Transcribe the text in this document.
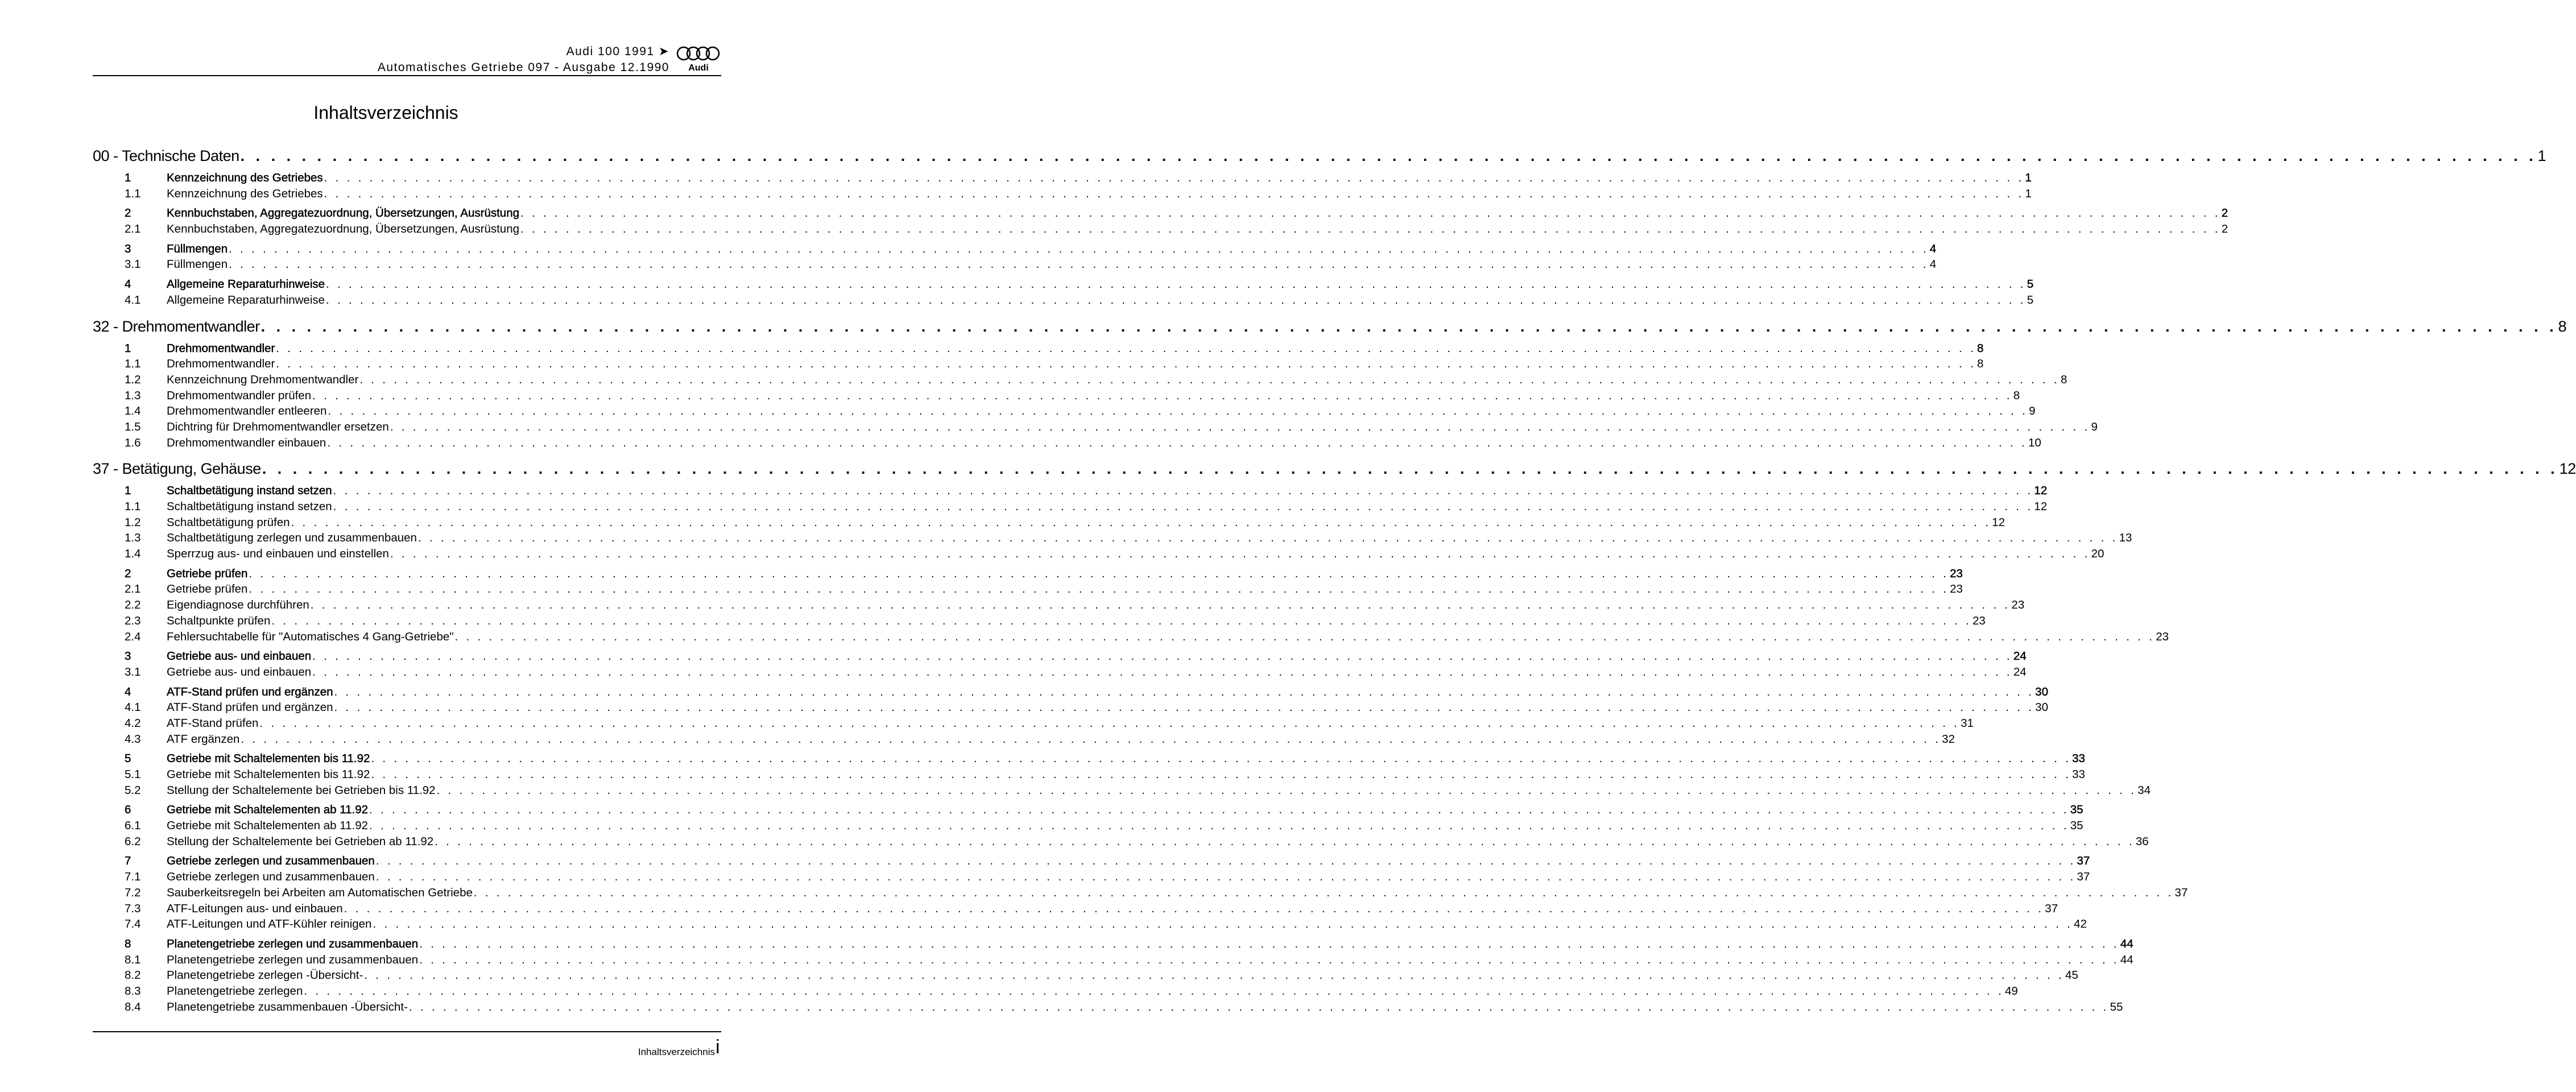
Audi 100 1991 ➤
Automatisches Getriebe 097 - Ausgabe 12.1990 Audi
Inhaltsverzeichnis
00 - Technische Daten . . . . . . . . . . . . . . . . . . . . . . . . . . . . . . . . . . . . . . . . . . . . . . . . . . . . . . . . . . . . . . . . . . . . . . . . . . . . . . . . . . . . . . . . . . . . . . . . . . . . . . . . . . . . . . . . . . . . . . . . . . . . . . . . . . . . . . . . . . . . . . . . . . . . . . 1
1	Kennzeichnung des Getriebes . . . . . . . . . . . . . . . . . . . . . . . . . . . . . . . . . . . . . . . . . . . . . . . . . . . . . . . . . . . . . . . . . . . . . . . . . . . . . . . . . . . . . . . . . . . . . . . . . . . . . . . . . . . . . . . . . . . . . . . . . . . . . . . . . . . . . . . . . . . . . . . . . . . . . . 1
1.1	Kennzeichnung des Getriebes . . . . . . . . . . . . . . . . . . . . . . . . . . . . . . . . . . . . . . . . . . . . . . . . . . . . . . . . . . . . . . . . . . . . . . . . . . . . . . . . . . . . . . . . . . . . . . . . . . . . . . . . . . . . . . . . . . . . . . . . . . . . . . . . . . . . . . . . . . . . . . . . . . . . . . 1
2	Kennbuchstaben, Aggregatezuordnung, Übersetzungen, Ausrüstung . . . . . . . . . . . . . . . . . . . . . . . . . . . . . . . . . . . . . . . . . . . . . . . . . . . . . . . . . . . . . . . . . . . . . . . . . . . . . . . . . . . . . . . . . . . . . . . . . . . . . . . . . . . . . . . . . . . . . . . . . . . . . . . . . . . . . . . . . . . . . . . . . . . . . . 2
2.1	Kennbuchstaben, Aggregatezuordnung, Übersetzungen, Ausrüstung . . . . . . . . . . . . . . . . . . . . . . . . . . . . . . . . . . . . . . . . . . . . . . . . . . . . . . . . . . . . . . . . . . . . . . . . . . . . . . . . . . . . . . . . . . . . . . . . . . . . . . . . . . . . . . . . . . . . . . . . . . . . . . . . . . . . . . . . . . . . . . . . . . . . . . 2
3	Füllmengen . . . . . . . . . . . . . . . . . . . . . . . . . . . . . . . . . . . . . . . . . . . . . . . . . . . . . . . . . . . . . . . . . . . . . . . . . . . . . . . . . . . . . . . . . . . . . . . . . . . . . . . . . . . . . . . . . . . . . . . . . . . . . . . . . . . . . . . . . . . . . . . . . . . . . . 4
3.1	Füllmengen . . . . . . . . . . . . . . . . . . . . . . . . . . . . . . . . . . . . . . . . . . . . . . . . . . . . . . . . . . . . . . . . . . . . . . . . . . . . . . . . . . . . . . . . . . . . . . . . . . . . . . . . . . . . . . . . . . . . . . . . . . . . . . . . . . . . . . . . . . . . . . . . . . . . . . 4
4	Allgemeine Reparaturhinweise . . . . . . . . . . . . . . . . . . . . . . . . . . . . . . . . . . . . . . . . . . . . . . . . . . . . . . . . . . . . . . . . . . . . . . . . . . . . . . . . . . . . . . . . . . . . . . . . . . . . . . . . . . . . . . . . . . . . . . . . . . . . . . . . . . . . . . . . . . . . . . . . . . . . . . 5
4.1	Allgemeine Reparaturhinweise . . . . . . . . . . . . . . . . . . . . . . . . . . . . . . . . . . . . . . . . . . . . . . . . . . . . . . . . . . . . . . . . . . . . . . . . . . . . . . . . . . . . . . . . . . . . . . . . . . . . . . . . . . . . . . . . . . . . . . . . . . . . . . . . . . . . . . . . . . . . . . . . . . . . . . 5
32 - Drehmomentwandler . . . . . . . . . . . . . . . . . . . . . . . . . . . . . . . . . . . . . . . . . . . . . . . . . . . . . . . . . . . . . . . . . . . . . . . . . . . . . . . . . . . . . . . . . . . . . . . . . . . . . . . . . . . . . . . . . . . . . . . . . . . . . . . . . . . . . . . . . . . . . . . . . . . . . . 8
1	Drehmomentwandler . . . . . . . . . . . . . . . . . . . . . . . . . . . . . . . . . . . . . . . . . . . . . . . . . . . . . . . . . . . . . . . . . . . . . . . . . . . . . . . . . . . . . . . . . . . . . . . . . . . . . . . . . . . . . . . . . . . . . . . . . . . . . . . . . . . . . . . . . . . . . . . . . . . . . . 8
1.1	Drehmomentwandler . . . . . . . . . . . . . . . . . . . . . . . . . . . . . . . . . . . . . . . . . . . . . . . . . . . . . . . . . . . . . . . . . . . . . . . . . . . . . . . . . . . . . . . . . . . . . . . . . . . . . . . . . . . . . . . . . . . . . . . . . . . . . . . . . . . . . . . . . . . . . . . . . . . . . . 8
1.2	Kennzeichnung Drehmomentwandler . . . . . . . . . . . . . . . . . . . . . . . . . . . . . . . . . . . . . . . . . . . . . . . . . . . . . . . . . . . . . . . . . . . . . . . . . . . . . . . . . . . . . . . . . . . . . . . . . . . . . . . . . . . . . . . . . . . . . . . . . . . . . . . . . . . . . . . . . . . . . . . . . . . . . . 8
1.3	Drehmomentwandler prüfen . . . . . . . . . . . . . . . . . . . . . . . . . . . . . . . . . . . . . . . . . . . . . . . . . . . . . . . . . . . . . . . . . . . . . . . . . . . . . . . . . . . . . . . . . . . . . . . . . . . . . . . . . . . . . . . . . . . . . . . . . . . . . . . . . . . . . . . . . . . . . . . . . . . . . . 8
1.4	Drehmomentwandler entleeren . . . . . . . . . . . . . . . . . . . . . . . . . . . . . . . . . . . . . . . . . . . . . . . . . . . . . . . . . . . . . . . . . . . . . . . . . . . . . . . . . . . . . . . . . . . . . . . . . . . . . . . . . . . . . . . . . . . . . . . . . . . . . . . . . . . . . . . . . . . . . . . . . . . . . . 9
1.5	Dichtring für Drehmomentwandler ersetzen . . . . . . . . . . . . . . . . . . . . . . . . . . . . . . . . . . . . . . . . . . . . . . . . . . . . . . . . . . . . . . . . . . . . . . . . . . . . . . . . . . . . . . . . . . . . . . . . . . . . . . . . . . . . . . . . . . . . . . . . . . . . . . . . . . . . . . . . . . . . . . . . . . . . . . 9
1.6	Drehmomentwandler einbauen . . . . . . . . . . . . . . . . . . . . . . . . . . . . . . . . . . . . . . . . . . . . . . . . . . . . . . . . . . . . . . . . . . . . . . . . . . . . . . . . . . . . . . . . . . . . . . . . . . . . . . . . . . . . . . . . . . . . . . . . . . . . . . . . . . . . . . . . . . . . . . . . . . . . . . 10
37 - Betätigung, Gehäuse . . . . . . . . . . . . . . . . . . . . . . . . . . . . . . . . . . . . . . . . . . . . . . . . . . . . . . . . . . . . . . . . . . . . . . . . . . . . . . . . . . . . . . . . . . . . . . . . . . . . . . . . . . . . . . . . . . . . . . . . . . . . . . . . . . . . . . . . . . . . . . . . . . . . . . 12
1	Schaltbetätigung instand setzen . . . . . . . . . . . . . . . . . . . . . . . . . . . . . . . . . . . . . . . . . . . . . . . . . . . . . . . . . . . . . . . . . . . . . . . . . . . . . . . . . . . . . . . . . . . . . . . . . . . . . . . . . . . . . . . . . . . . . . . . . . . . . . . . . . . . . . . . . . . . . . . . . . . . . . 12
1.1	Schaltbetätigung instand setzen . . . . . . . . . . . . . . . . . . . . . . . . . . . . . . . . . . . . . . . . . . . . . . . . . . . . . . . . . . . . . . . . . . . . . . . . . . . . . . . . . . . . . . . . . . . . . . . . . . . . . . . . . . . . . . . . . . . . . . . . . . . . . . . . . . . . . . . . . . . . . . . . . . . . . . 12
1.2	Schaltbetätigung prüfen . . . . . . . . . . . . . . . . . . . . . . . . . . . . . . . . . . . . . . . . . . . . . . . . . . . . . . . . . . . . . . . . . . . . . . . . . . . . . . . . . . . . . . . . . . . . . . . . . . . . . . . . . . . . . . . . . . . . . . . . . . . . . . . . . . . . . . . . . . . . . . . . . . . . . . 12
1.3	Schaltbetätigung zerlegen und zusammenbauen . . . . . . . . . . . . . . . . . . . . . . . . . . . . . . . . . . . . . . . . . . . . . . . . . . . . . . . . . . . . . . . . . . . . . . . . . . . . . . . . . . . . . . . . . . . . . . . . . . . . . . . . . . . . . . . . . . . . . . . . . . . . . . . . . . . . . . . . . . . . . . . . . . . . . . 13
1.4	Sperrzug aus- und einbauen und einstellen . . . . . . . . . . . . . . . . . . . . . . . . . . . . . . . . . . . . . . . . . . . . . . . . . . . . . . . . . . . . . . . . . . . . . . . . . . . . . . . . . . . . . . . . . . . . . . . . . . . . . . . . . . . . . . . . . . . . . . . . . . . . . . . . . . . . . . . . . . . . . . . . . . . . . . 20
2	Getriebe prüfen . . . . . . . . . . . . . . . . . . . . . . . . . . . . . . . . . . . . . . . . . . . . . . . . . . . . . . . . . . . . . . . . . . . . . . . . . . . . . . . . . . . . . . . . . . . . . . . . . . . . . . . . . . . . . . . . . . . . . . . . . . . . . . . . . . . . . . . . . . . . . . . . . . . . . . 23
2.1	Getriebe prüfen . . . . . . . . . . . . . . . . . . . . . . . . . . . . . . . . . . . . . . . . . . . . . . . . . . . . . . . . . . . . . . . . . . . . . . . . . . . . . . . . . . . . . . . . . . . . . . . . . . . . . . . . . . . . . . . . . . . . . . . . . . . . . . . . . . . . . . . . . . . . . . . . . . . . . . 23
2.2	Eigendiagnose durchführen . . . . . . . . . . . . . . . . . . . . . . . . . . . . . . . . . . . . . . . . . . . . . . . . . . . . . . . . . . . . . . . . . . . . . . . . . . . . . . . . . . . . . . . . . . . . . . . . . . . . . . . . . . . . . . . . . . . . . . . . . . . . . . . . . . . . . . . . . . . . . . . . . . . . . . 23
2.3	Schaltpunkte prüfen . . . . . . . . . . . . . . . . . . . . . . . . . . . . . . . . . . . . . . . . . . . . . . . . . . . . . . . . . . . . . . . . . . . . . . . . . . . . . . . . . . . . . . . . . . . . . . . . . . . . . . . . . . . . . . . . . . . . . . . . . . . . . . . . . . . . . . . . . . . . . . . . . . . . . . 23
2.4	Fehlersuchtabelle für "Automatisches 4 Gang-Getriebe" . . . . . . . . . . . . . . . . . . . . . . . . . . . . . . . . . . . . . . . . . . . . . . . . . . . . . . . . . . . . . . . . . . . . . . . . . . . . . . . . . . . . . . . . . . . . . . . . . . . . . . . . . . . . . . . . . . . . . . . . . . . . . . . . . . . . . . . . . . . . . . . . . . . . . . 23
3	Getriebe aus- und einbauen . . . . . . . . . . . . . . . . . . . . . . . . . . . . . . . . . . . . . . . . . . . . . . . . . . . . . . . . . . . . . . . . . . . . . . . . . . . . . . . . . . . . . . . . . . . . . . . . . . . . . . . . . . . . . . . . . . . . . . . . . . . . . . . . . . . . . . . . . . . . . . . . . . . . . . 24
3.1	Getriebe aus- und einbauen . . . . . . . . . . . . . . . . . . . . . . . . . . . . . . . . . . . . . . . . . . . . . . . . . . . . . . . . . . . . . . . . . . . . . . . . . . . . . . . . . . . . . . . . . . . . . . . . . . . . . . . . . . . . . . . . . . . . . . . . . . . . . . . . . . . . . . . . . . . . . . . . . . . . . . 24
4	ATF-Stand prüfen und ergänzen . . . . . . . . . . . . . . . . . . . . . . . . . . . . . . . . . . . . . . . . . . . . . . . . . . . . . . . . . . . . . . . . . . . . . . . . . . . . . . . . . . . . . . . . . . . . . . . . . . . . . . . . . . . . . . . . . . . . . . . . . . . . . . . . . . . . . . . . . . . . . . . . . . . . . . 30
4.1	ATF-Stand prüfen und ergänzen . . . . . . . . . . . . . . . . . . . . . . . . . . . . . . . . . . . . . . . . . . . . . . . . . . . . . . . . . . . . . . . . . . . . . . . . . . . . . . . . . . . . . . . . . . . . . . . . . . . . . . . . . . . . . . . . . . . . . . . . . . . . . . . . . . . . . . . . . . . . . . . . . . . . . . 30
4.2	ATF-Stand prüfen . . . . . . . . . . . . . . . . . . . . . . . . . . . . . . . . . . . . . . . . . . . . . . . . . . . . . . . . . . . . . . . . . . . . . . . . . . . . . . . . . . . . . . . . . . . . . . . . . . . . . . . . . . . . . . . . . . . . . . . . . . . . . . . . . . . . . . . . . . . . . . . . . . . . . . 31
4.3	ATF ergänzen . . . . . . . . . . . . . . . . . . . . . . . . . . . . . . . . . . . . . . . . . . . . . . . . . . . . . . . . . . . . . . . . . . . . . . . . . . . . . . . . . . . . . . . . . . . . . . . . . . . . . . . . . . . . . . . . . . . . . . . . . . . . . . . . . . . . . . . . . . . . . . . . . . . . . . 32
5	Getriebe mit Schaltelementen bis 11.92 . . . . . . . . . . . . . . . . . . . . . . . . . . . . . . . . . . . . . . . . . . . . . . . . . . . . . . . . . . . . . . . . . . . . . . . . . . . . . . . . . . . . . . . . . . . . . . . . . . . . . . . . . . . . . . . . . . . . . . . . . . . . . . . . . . . . . . . . . . . . . . . . . . . . . . 33
5.1	Getriebe mit Schaltelementen bis 11.92 . . . . . . . . . . . . . . . . . . . . . . . . . . . . . . . . . . . . . . . . . . . . . . . . . . . . . . . . . . . . . . . . . . . . . . . . . . . . . . . . . . . . . . . . . . . . . . . . . . . . . . . . . . . . . . . . . . . . . . . . . . . . . . . . . . . . . . . . . . . . . . . . . . . . . . 33
5.2	Stellung der Schaltelemente bei Getrieben bis 11.92 . . . . . . . . . . . . . . . . . . . . . . . . . . . . . . . . . . . . . . . . . . . . . . . . . . . . . . . . . . . . . . . . . . . . . . . . . . . . . . . . . . . . . . . . . . . . . . . . . . . . . . . . . . . . . . . . . . . . . . . . . . . . . . . . . . . . . . . . . . . . . . . . . . . . . . 34
6	Getriebe mit Schaltelementen ab 11.92 . . . . . . . . . . . . . . . . . . . . . . . . . . . . . . . . . . . . . . . . . . . . . . . . . . . . . . . . . . . . . . . . . . . . . . . . . . . . . . . . . . . . . . . . . . . . . . . . . . . . . . . . . . . . . . . . . . . . . . . . . . . . . . . . . . . . . . . . . . . . . . . . . . . . . . 35
6.1	Getriebe mit Schaltelementen ab 11.92 . . . . . . . . . . . . . . . . . . . . . . . . . . . . . . . . . . . . . . . . . . . . . . . . . . . . . . . . . . . . . . . . . . . . . . . . . . . . . . . . . . . . . . . . . . . . . . . . . . . . . . . . . . . . . . . . . . . . . . . . . . . . . . . . . . . . . . . . . . . . . . . . . . . . . . 35
6.2	Stellung der Schaltelemente bei Getrieben ab 11.92 . . . . . . . . . . . . . . . . . . . . . . . . . . . . . . . . . . . . . . . . . . . . . . . . . . . . . . . . . . . . . . . . . . . . . . . . . . . . . . . . . . . . . . . . . . . . . . . . . . . . . . . . . . . . . . . . . . . . . . . . . . . . . . . . . . . . . . . . . . . . . . . . . . . . . . 36
7	Getriebe zerlegen und zusammenbauen . . . . . . . . . . . . . . . . . . . . . . . . . . . . . . . . . . . . . . . . . . . . . . . . . . . . . . . . . . . . . . . . . . . . . . . . . . . . . . . . . . . . . . . . . . . . . . . . . . . . . . . . . . . . . . . . . . . . . . . . . . . . . . . . . . . . . . . . . . . . . . . . . . . . . . 37
7.1	Getriebe zerlegen und zusammenbauen . . . . . . . . . . . . . . . . . . . . . . . . . . . . . . . . . . . . . . . . . . . . . . . . . . . . . . . . . . . . . . . . . . . . . . . . . . . . . . . . . . . . . . . . . . . . . . . . . . . . . . . . . . . . . . . . . . . . . . . . . . . . . . . . . . . . . . . . . . . . . . . . . . . . . . 37
7.2	Sauberkeitsregeln bei Arbeiten am Automatischen Getriebe . . . . . . . . . . . . . . . . . . . . . . . . . . . . . . . . . . . . . . . . . . . . . . . . . . . . . . . . . . . . . . . . . . . . . . . . . . . . . . . . . . . . . . . . . . . . . . . . . . . . . . . . . . . . . . . . . . . . . . . . . . . . . . . . . . . . . . . . . . . . . . . . . . . . . . 37
7.3	ATF-Leitungen aus- und einbauen . . . . . . . . . . . . . . . . . . . . . . . . . . . . . . . . . . . . . . . . . . . . . . . . . . . . . . . . . . . . . . . . . . . . . . . . . . . . . . . . . . . . . . . . . . . . . . . . . . . . . . . . . . . . . . . . . . . . . . . . . . . . . . . . . . . . . . . . . . . . . . . . . . . . . . 37
7.4	ATF-Leitungen und ATF-Kühler reinigen . . . . . . . . . . . . . . . . . . . . . . . . . . . . . . . . . . . . . . . . . . . . . . . . . . . . . . . . . . . . . . . . . . . . . . . . . . . . . . . . . . . . . . . . . . . . . . . . . . . . . . . . . . . . . . . . . . . . . . . . . . . . . . . . . . . . . . . . . . . . . . . . . . . . . . 42
8	Planetengetriebe zerlegen und zusammenbauen . . . . . . . . . . . . . . . . . . . . . . . . . . . . . . . . . . . . . . . . . . . . . . . . . . . . . . . . . . . . . . . . . . . . . . . . . . . . . . . . . . . . . . . . . . . . . . . . . . . . . . . . . . . . . . . . . . . . . . . . . . . . . . . . . . . . . . . . . . . . . . . . . . . . . . 44
8.1	Planetengetriebe zerlegen und zusammenbauen . . . . . . . . . . . . . . . . . . . . . . . . . . . . . . . . . . . . . . . . . . . . . . . . . . . . . . . . . . . . . . . . . . . . . . . . . . . . . . . . . . . . . . . . . . . . . . . . . . . . . . . . . . . . . . . . . . . . . . . . . . . . . . . . . . . . . . . . . . . . . . . . . . . . . . 44
8.2	Planetengetriebe zerlegen -Übersicht- . . . . . . . . . . . . . . . . . . . . . . . . . . . . . . . . . . . . . . . . . . . . . . . . . . . . . . . . . . . . . . . . . . . . . . . . . . . . . . . . . . . . . . . . . . . . . . . . . . . . . . . . . . . . . . . . . . . . . . . . . . . . . . . . . . . . . . . . . . . . . . . . . . . . . . 45
8.3	Planetengetriebe zerlegen . . . . . . . . . . . . . . . . . . . . . . . . . . . . . . . . . . . . . . . . . . . . . . . . . . . . . . . . . . . . . . . . . . . . . . . . . . . . . . . . . . . . . . . . . . . . . . . . . . . . . . . . . . . . . . . . . . . . . . . . . . . . . . . . . . . . . . . . . . . . . . . . . . . . . . 49
8.4	Planetengetriebe zusammenbauen -Übersicht- . . . . . . . . . . . . . . . . . . . . . . . . . . . . . . . . . . . . . . . . . . . . . . . . . . . . . . . . . . . . . . . . . . . . . . . . . . . . . . . . . . . . . . . . . . . . . . . . . . . . . . . . . . . . . . . . . . . . . . . . . . . . . . . . . . . . . . . . . . . . . . . . . . . . . . 55
Inhaltsverzeichnis i
